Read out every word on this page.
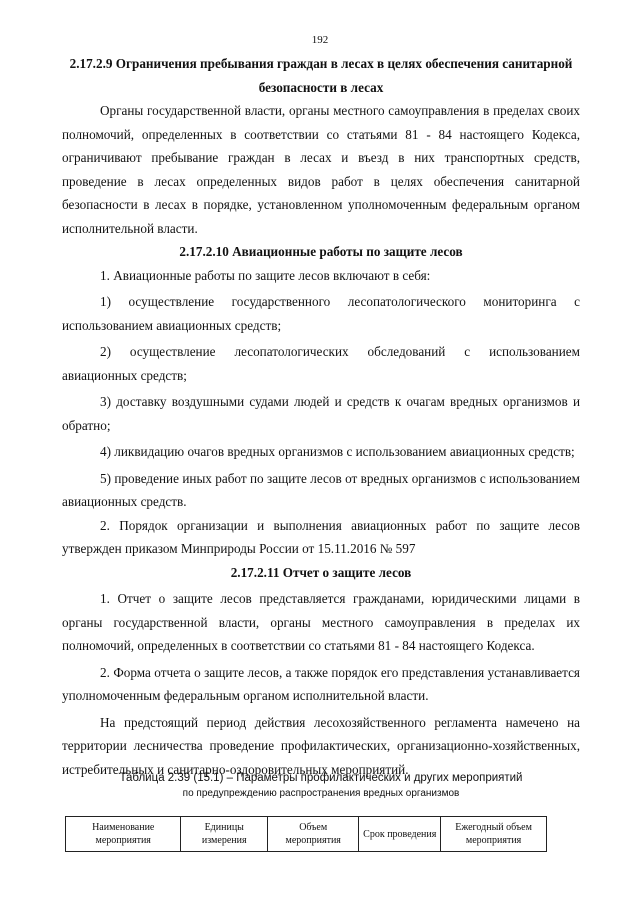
192

2.17.2.9 Ограничения пребывания граждан в лесах в целях обеспечения санитарной

безопасности в лесах

Органы государственной власти, органы местного самоуправления в пределах своих полномочий, определенных в соответствии со статьями 81 - 84 настоящего Кодекса, ограничивают пребывание граждан в лесах и въезд в них транспортных средств, проведение в лесах определенных видов работ в целях обеспечения санитарной безопасности в лесах в порядке, установленном уполномоченным федеральным органом исполнительной власти.

2.17.2.10 Авиационные работы по защите лесов

1. Авиационные работы по защите лесов включают в себя:

1) осуществление государственного лесопатологического мониторинга с использованием авиационных средств;

2) осуществление лесопатологических обследований с использованием авиационных средств;

3) доставку воздушными судами людей и средств к очагам вредных организмов и обратно;

4) ликвидацию очагов вредных организмов с использованием авиационных средств;

5) проведение иных работ по защите лесов от вредных организмов с использованием авиационных средств.

2. Порядок организации и выполнения авиационных работ по защите лесов утвержден приказом Минприроды России от 15.11.2016 № 597

2.17.2.11 Отчет о защите лесов

1. Отчет о защите лесов представляется гражданами, юридическими лицами в органы государственной власти, органы местного самоуправления в пределах их полномочий, определенных в соответствии со статьями 81 - 84 настоящего Кодекса.

2. Форма отчета о защите лесов, а также порядок его представления устанавливается уполномоченным федеральным органом исполнительной власти.

На предстоящий период действия лесохозяйственного регламента намечено на территории лесничества проведение профилактических, организационно-хозяйственных, истребительных и санитарно-оздоровительных мероприятий.

Таблица 2.39 (15.1) – Параметры профилактических и других мероприятий
по предупреждению распространения вредных организмов
Наименование мероприятия	Единицы измерения	Объем мероприятия	Срок проведения	Ежегодный объем мероприятия
